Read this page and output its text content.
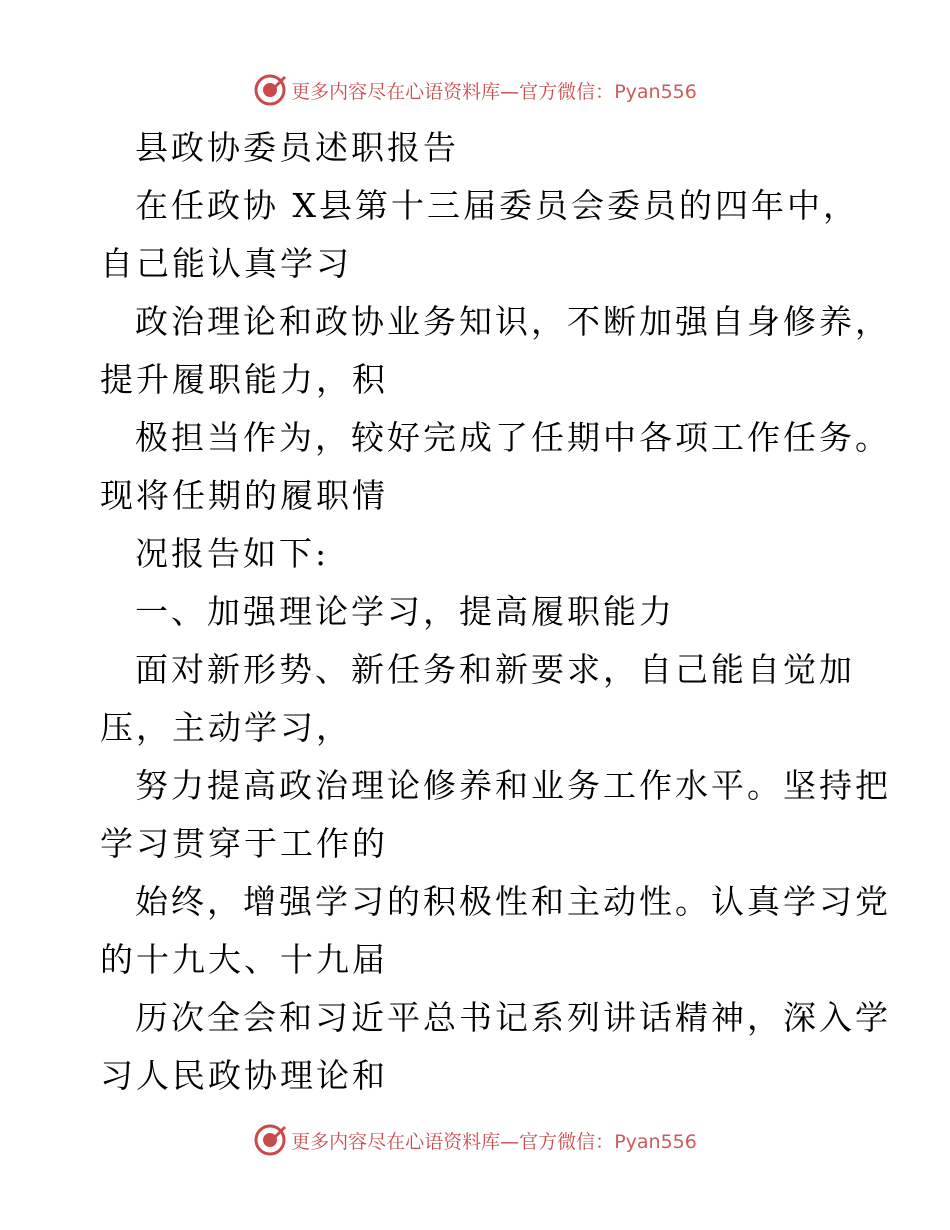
更多内容尽在心语资料库—官方微信：Pyan556
县政协委员述职报告
在任政协 X县第十三届委员会委员的四年中，
自己能认真学习
政治理论和政协业务知识，不断加强自身修养，
提升履职能力，积
极担当作为，较好完成了任期中各项工作任务。
现将任期的履职情
况报告如下:
一、加强理论学习，提高履职能力
面对新形势、新任务和新要求，自己能自觉加
压，主动学习，
努力提高政治理论修养和业务工作水平。坚持把
学习贯穿于工作的
始终，增强学习的积极性和主动性。认真学习党
的十九大、十九届
历次全会和习近平总书记系列讲话精神，深入学
习人民政协理论和
更多内容尽在心语资料库—官方微信：Pyan556
